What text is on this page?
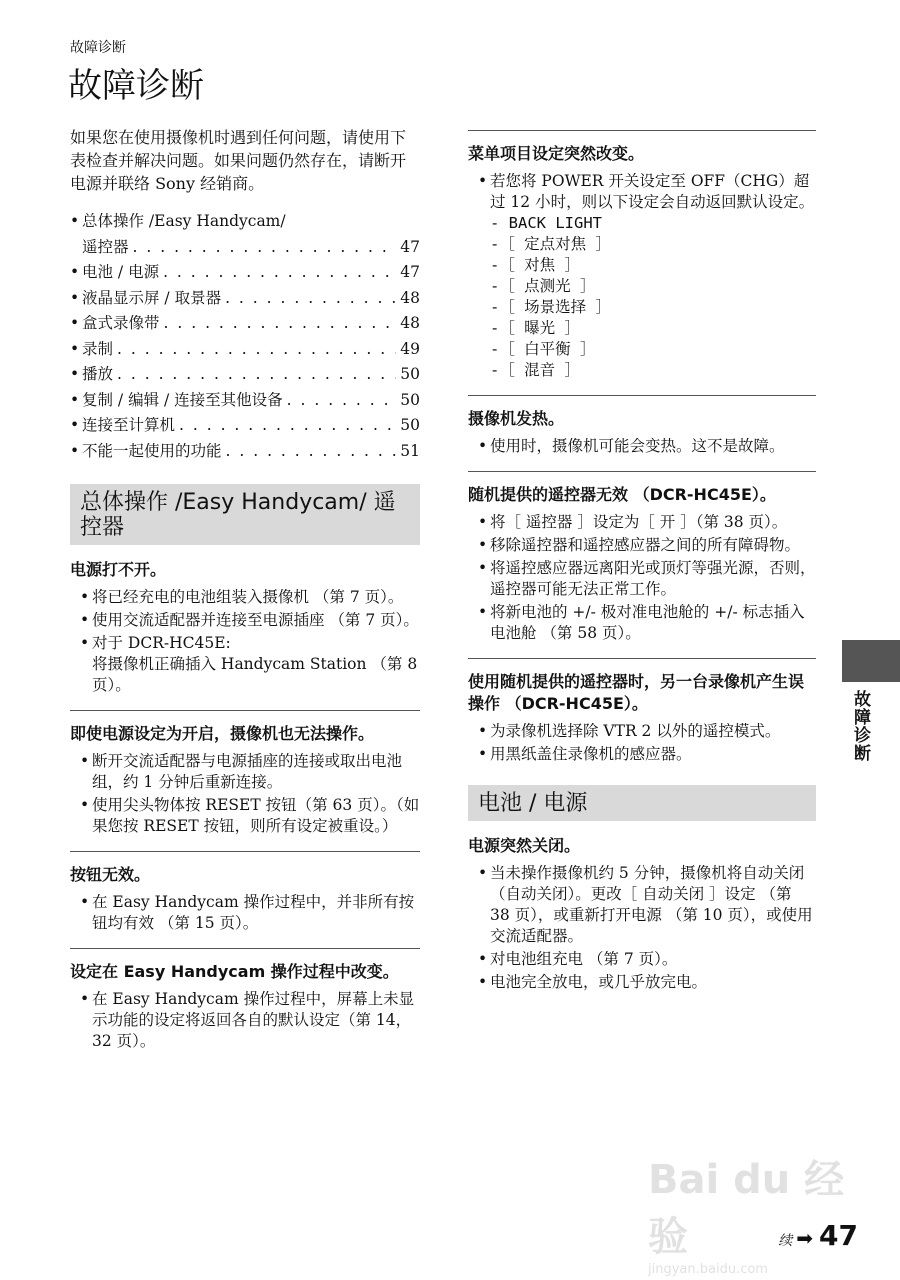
故障诊断
故障诊断

如果您在使用摄像机时遇到任何问题，请使用下表检查并解决问题。如果问题仍然存在，请断开电源并联络 Sony 经销商。

• 总体操作 /Easy Handycam/
遥控器 . . .	47
• 电池 / 电源 . . .	47
• 液晶显示屏 / 取景器 . . .	48
• 盒式录像带 . . .	48
• 录制 . . .	49
• 播放 . . .	50
• 复制 / 编辑 / 连接至其他设备 . . .	50
• 连接至计算机 . . .	50
• 不能一起使用的功能 . . .	51
总体操作 /Easy Handycam/ 遥控器
电源打不开。
• 将已经充电的电池组装入摄像机 （第 7 页）。
• 使用交流适配器并连接至电源插座 （第 7 页）。
• 对于 DCR-HC45E:
将摄像机正确插入 Handycam Station （第 8 页）。
即使电源设定为开启，摄像机也无法操作。
• 断开交流适配器与电源插座的连接或取出电池组，约 1 分钟后重新连接。
• 使用尖头物体按 RESET 按钮（第 63 页）。（如果您按 RESET 按钮，则所有设定被重设。）
按钮无效。
• 在 Easy Handycam 操作过程中，并非所有按钮均有效 （第 15 页）。
设定在 Easy Handycam 操作过程中改变。
• 在 Easy Handycam 操作过程中，屏幕上未显示功能的设定将返回各自的默认设定（第 14，32 页）。
菜单项目设定突然改变。
• 若您将 POWER 开关设定至 OFF（CHG）超过 12 小时，则以下设定会自动返回默认设定。
- BACK LIGHT
-［ 定点对焦 ］
-［ 对焦 ］
-［ 点测光 ］
-［ 场景选择 ］
-［ 曝光 ］
-［ 白平衡 ］
-［ 混音 ］
摄像机发热。
• 使用时，摄像机可能会变热。这不是故障。
随机提供的遥控器无效 （DCR-HC45E）。
• 将［ 遥控器 ］设定为［ 开 ］（第 38 页）。
• 移除遥控器和遥控感应器之间的所有障碍物。
• 将遥控感应器远离阳光或顶灯等强光源，否则，遥控器可能无法正常工作。
• 将新电池的 +/- 极对准电池舱的 +/- 标志插入电池舱 （第 58 页）。
使用随机提供的遥控器时，另一台录像机产生误操作 （DCR-HC45E）。
• 为录像机选择除 VTR 2 以外的遥控模式。
• 用黑纸盖住录像机的感应器。
电池 / 电源
电源突然关闭。
• 当未操作摄像机约 5 分钟，摄像机将自动关闭（自动关闭）。更改［ 自动关闭 ］设定 （第 38 页），或重新打开电源 （第 10 页），或使用交流适配器。
• 对电池组充电 （第 7 页）。
• 电池完全放电，或几乎放完电。
故障诊断
Bai du 经验
jingyan.baidu.com
续 ➡ 47
